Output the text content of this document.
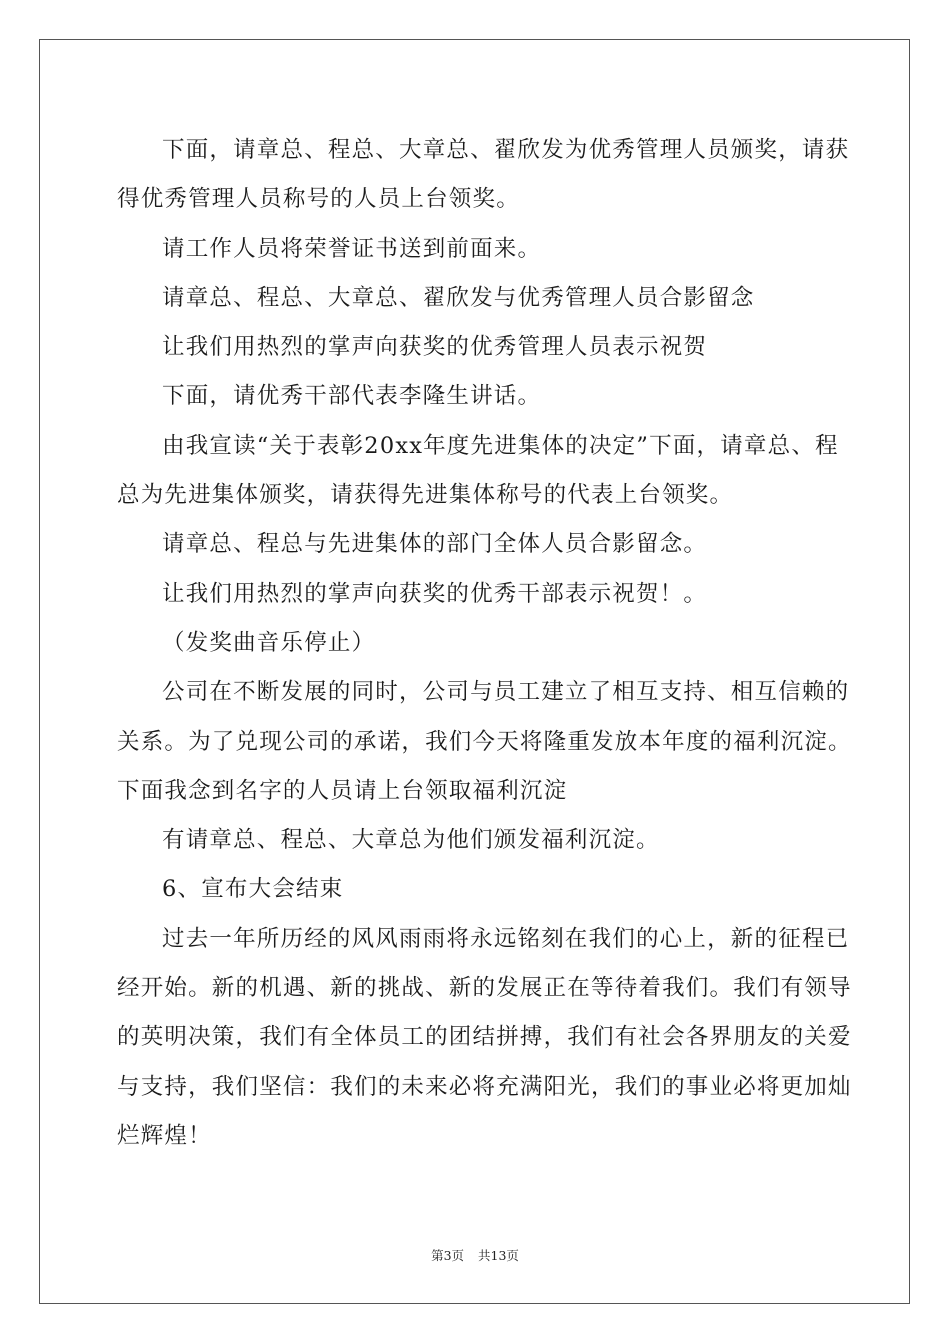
下面，请章总、程总、大章总、翟欣发为优秀管理人员颁奖，请获得优秀管理人员称号的人员上台领奖。

请工作人员将荣誉证书送到前面来。

请章总、程总、大章总、翟欣发与优秀管理人员合影留念

让我们用热烈的掌声向获奖的优秀管理人员表示祝贺

下面，请优秀干部代表李隆生讲话。

由我宣读“关于表彰20xx年度先进集体的决定”下面，请章总、程总为先进集体颁奖，请获得先进集体称号的代表上台领奖。

请章总、程总与先进集体的部门全体人员合影留念。

让我们用热烈的掌声向获奖的优秀干部表示祝贺！。

（发奖曲音乐停止）

公司在不断发展的同时，公司与员工建立了相互支持、相互信赖的关系。为了兑现公司的承诺，我们今天将隆重发放本年度的福利沉淀。下面我念到名字的人员请上台领取福利沉淀

有请章总、程总、大章总为他们颁发福利沉淀。

6、宣布大会结束

过去一年所历经的风风雨雨将永远铭刻在我们的心上，新的征程已经开始。新的机遇、新的挑战、新的发展正在等待着我们。我们有领导的英明决策，我们有全体员工的团结拼搏，我们有社会各界朋友的关爱与支持，我们坚信：我们的未来必将充满阳光，我们的事业必将更加灿烂辉煌！

第3页 共13页
